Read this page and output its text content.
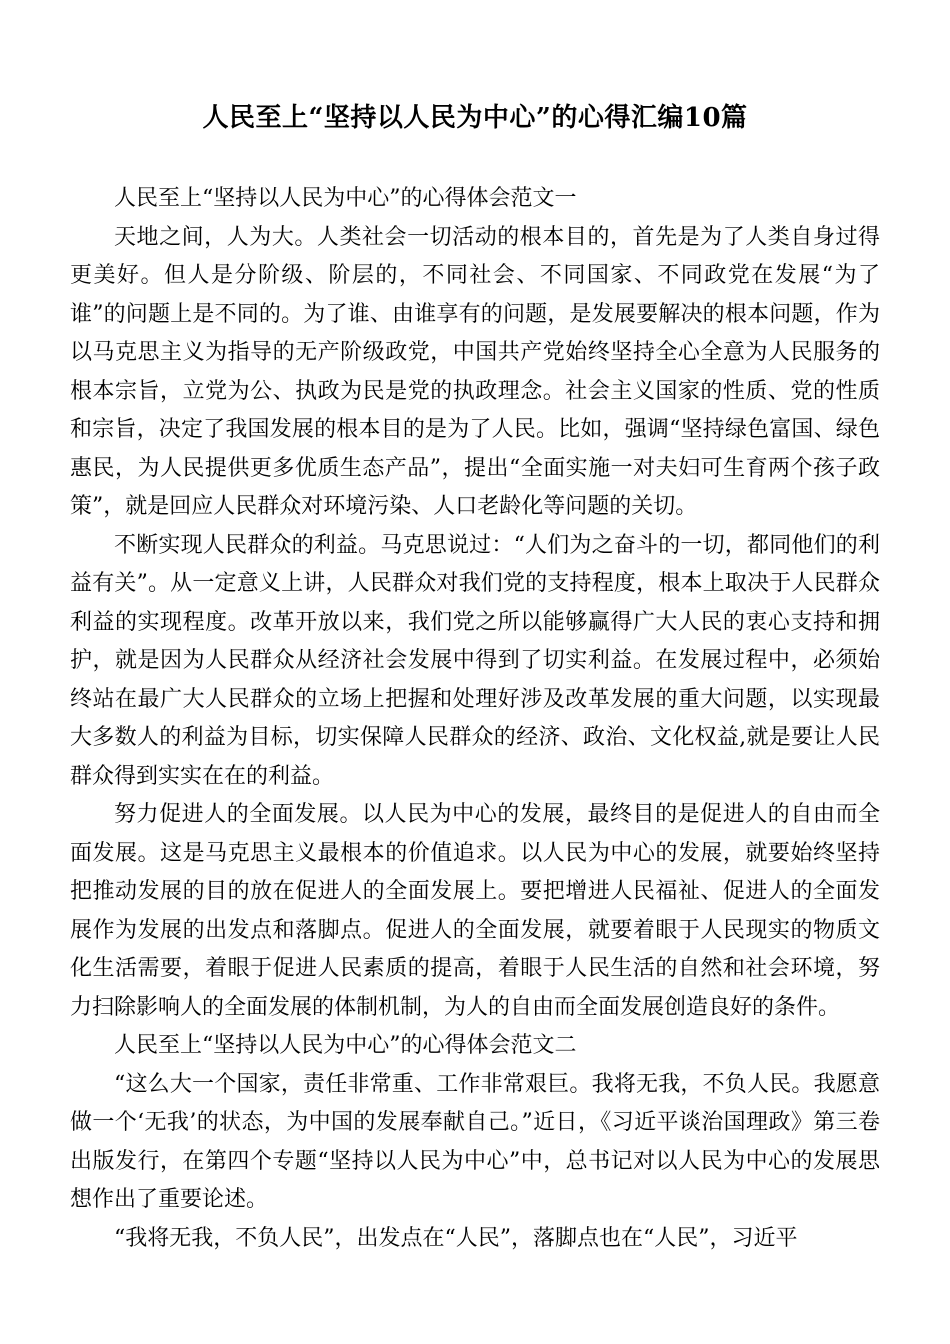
人民至上“坚持以人民为中心”的心得汇编10篇

人民至上“坚持以人民为中心”的心得体会范文一

天地之间，人为大。人类社会一切活动的根本目的，首先是为了人类自身过得更美好。但人是分阶级、阶层的，不同社会、不同国家、不同政党在发展“为了谁”的问题上是不同的。为了谁、由谁享有的问题，是发展要解决的根本问题，作为以马克思主义为指导的无产阶级政党，中国共产党始终坚持全心全意为人民服务的根本宗旨，立党为公、执政为民是党的执政理念。社会主义国家的性质、党的性质和宗旨，决定了我国发展的根本目的是为了人民。比如，强调“坚持绿色富国、绿色惠民，为人民提供更多优质生态产品”，提出“全面实施一对夫妇可生育两个孩子政策”，就是回应人民群众对环境污染、人口老龄化等问题的关切。

不断实现人民群众的利益。马克思说过：“人们为之奋斗的一切，都同他们的利益有关”。从一定意义上讲，人民群众对我们党的支持程度，根本上取决于人民群众利益的实现程度。改革开放以来，我们党之所以能够赢得广大人民的衷心支持和拥护，就是因为人民群众从经济社会发展中得到了切实利益。在发展过程中，必须始终站在最广大人民群众的立场上把握和处理好涉及改革发展的重大问题，以实现最大多数人的利益为目标，切实保障人民群众的经济、政治、文化权益,就是要让人民群众得到实实在在的利益。

努力促进人的全面发展。以人民为中心的发展，最终目的是促进人的自由而全面发展。这是马克思主义最根本的价值追求。以人民为中心的发展，就要始终坚持把推动发展的目的放在促进人的全面发展上。要把增进人民福祉、促进人的全面发展作为发展的出发点和落脚点。促进人的全面发展，就要着眼于人民现实的物质文化生活需要，着眼于促进人民素质的提高，着眼于人民生活的自然和社会环境，努力扫除影响人的全面发展的体制机制，为人的自由而全面发展创造良好的条件。

人民至上“坚持以人民为中心”的心得体会范文二

“这么大一个国家，责任非常重、工作非常艰巨。我将无我，不负人民。我愿意做一个‘无我’的状态，为中国的发展奉献自己。”近日，《习近平谈治国理政》第三卷出版发行，在第四个专题“坚持以人民为中心”中，总书记对以人民为中心的发展思想作出了重要论述。

“我将无我，不负人民”，出发点在“人民”，落脚点也在“人民”，习近平
